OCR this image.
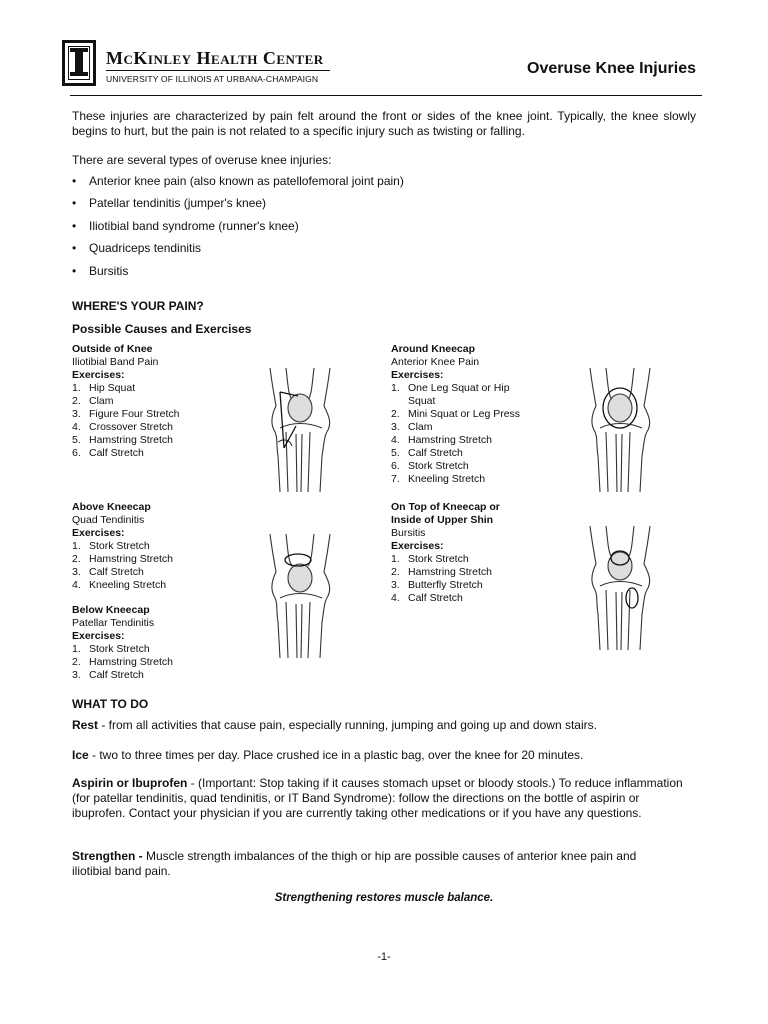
McKinley Health Center
UNIVERSITY OF ILLINOIS AT URBANA-CHAMPAIGN
Overuse Knee Injuries
These injuries are characterized by pain felt around the front or sides of the knee joint. Typically, the knee slowly begins to hurt, but the pain is not related to a specific injury such as twisting or falling.
There are several types of overuse knee injuries:
• Anterior knee pain (also known as patellofemoral joint pain)
• Patellar tendinitis (jumper's knee)
• Iliotibial band syndrome (runner's knee)
• Quadriceps tendinitis
• Bursitis
WHERE'S YOUR PAIN?
Possible Causes and Exercises
Outside of Knee
Iliotibial Band Pain
Exercises:
1. Hip Squat
2. Clam
3. Figure Four Stretch
4. Crossover Stretch
5. Hamstring Stretch
6. Calf Stretch
Around Kneecap
Anterior Knee Pain
Exercises:
1. One Leg Squat or Hip Squat
2. Mini Squat or Leg Press
3. Clam
4. Hamstring Stretch
5. Calf Stretch
6. Stork Stretch
7. Kneeling Stretch
Above Kneecap
Quad Tendinitis
Exercises:
1. Stork Stretch
2. Hamstring Stretch
3. Calf Stretch
4. Kneeling Stretch
On Top of Kneecap or
Inside of Upper Shin
Bursitis
Exercises:
1. Stork Stretch
2. Hamstring Stretch
3. Butterfly Stretch
4. Calf Stretch
Below Kneecap
Patellar Tendinitis
Exercises:
1. Stork Stretch
2. Hamstring Stretch
3. Calf Stretch
WHAT TO DO
Rest - from all activities that cause pain, especially running, jumping and going up and down stairs.
Ice - two to three times per day. Place crushed ice in a plastic bag, over the knee for 20 minutes.
Aspirin or Ibuprofen - (Important: Stop taking if it causes stomach upset or bloody stools.) To reduce inflammation (for patellar tendinitis, quad tendinitis, or IT Band Syndrome): follow the directions on the bottle of aspirin or ibuprofen. Contact your physician if you are currently taking other medications or if you have any questions.
Strengthen - Muscle strength imbalances of the thigh or hip are possible causes of anterior knee pain and iliotibial band pain.
Strengthening restores muscle balance.
-1-
